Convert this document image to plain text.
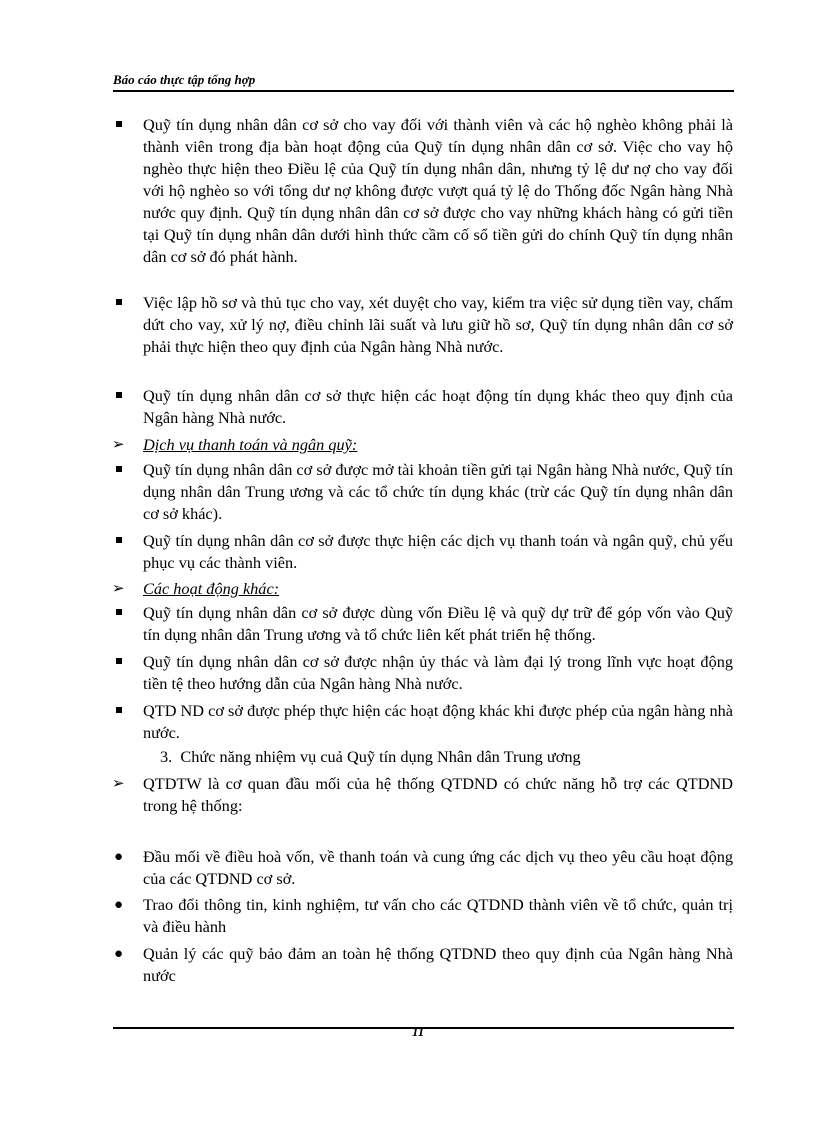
Báo cáo thực tập tổng hợp
Quỹ tín dụng nhân dân cơ sở cho vay đối với thành viên và các hộ nghèo không phải là thành viên trong địa bàn hoạt động của Quỹ tín dụng nhân dân cơ sở. Việc cho vay hộ nghèo thực hiện theo Điều lệ của Quỹ tín dụng nhân dân, nhưng tỷ lệ dư nợ cho vay đối với hộ nghèo so với tổng dư nợ không được vượt quá tỷ lệ do Thống đốc Ngân hàng Nhà nước quy định. Quỹ tín dụng nhân dân cơ sở được cho vay những khách hàng có gửi tiền tại Quỹ tín dụng nhân dân dưới hình thức cầm cố sổ tiền gửi do chính Quỹ tín dụng nhân dân cơ sở đó phát hành.
Việc lập hồ sơ và thủ tục cho vay, xét duyệt cho vay, kiểm tra việc sử dụng tiền vay, chấm dứt cho vay, xử lý nợ, điều chỉnh lãi suất và lưu giữ hồ sơ, Quỹ tín dụng nhân dân cơ sở phải thực hiện theo quy định của Ngân hàng Nhà nước.
Quỹ tín dụng nhân dân cơ sở thực hiện các hoạt động tín dụng khác theo quy định của Ngân hàng Nhà nước.
➢ Dịch vụ thanh toán và ngân quỹ:
Quỹ tín dụng nhân dân cơ sở được mở tài khoản tiền gửi tại Ngân hàng Nhà nước, Quỹ tín dụng nhân dân Trung ương và các tổ chức tín dụng khác (trừ các Quỹ tín dụng nhân dân cơ sở khác).
Quỹ tín dụng nhân dân cơ sở được thực hiện các dịch vụ thanh toán và ngân quỹ, chủ yếu phục vụ các thành viên.
➢ Các hoạt động khác:
Quỹ tín dụng nhân dân cơ sở được dùng vốn Điều lệ và quỹ dự trữ để góp vốn vào Quỹ tín dụng nhân dân Trung ương và tổ chức liên kết phát triển hệ thống.
Quỹ tín dụng nhân dân cơ sở được nhận ủy thác và làm đại lý trong lĩnh vực hoạt động tiền tệ theo hướng dẫn của Ngân hàng Nhà nước.
QTD ND cơ sở được phép thực hiện các hoạt động khác khi được phép của ngân hàng nhà nước.
3. Chức năng nhiệm vụ cuả Quỹ tín dụng Nhân dân Trung ương
➢ QTDTW là cơ quan đầu mối của hệ thống QTDND có chức năng hỗ trợ các QTDND trong hệ thống:
● Đầu mối về điều hoà vốn, về thanh toán và cung ứng các dịch vụ theo yêu cầu hoạt động của các QTDND cơ sở.
● Trao đổi thông tin, kinh nghiệm, tư vấn cho các QTDND thành viên về tổ chức, quản trị và điều hành
● Quản lý các quỹ bảo đảm an toàn hệ thống QTDND theo quy định của Ngân hàng Nhà nước
11
